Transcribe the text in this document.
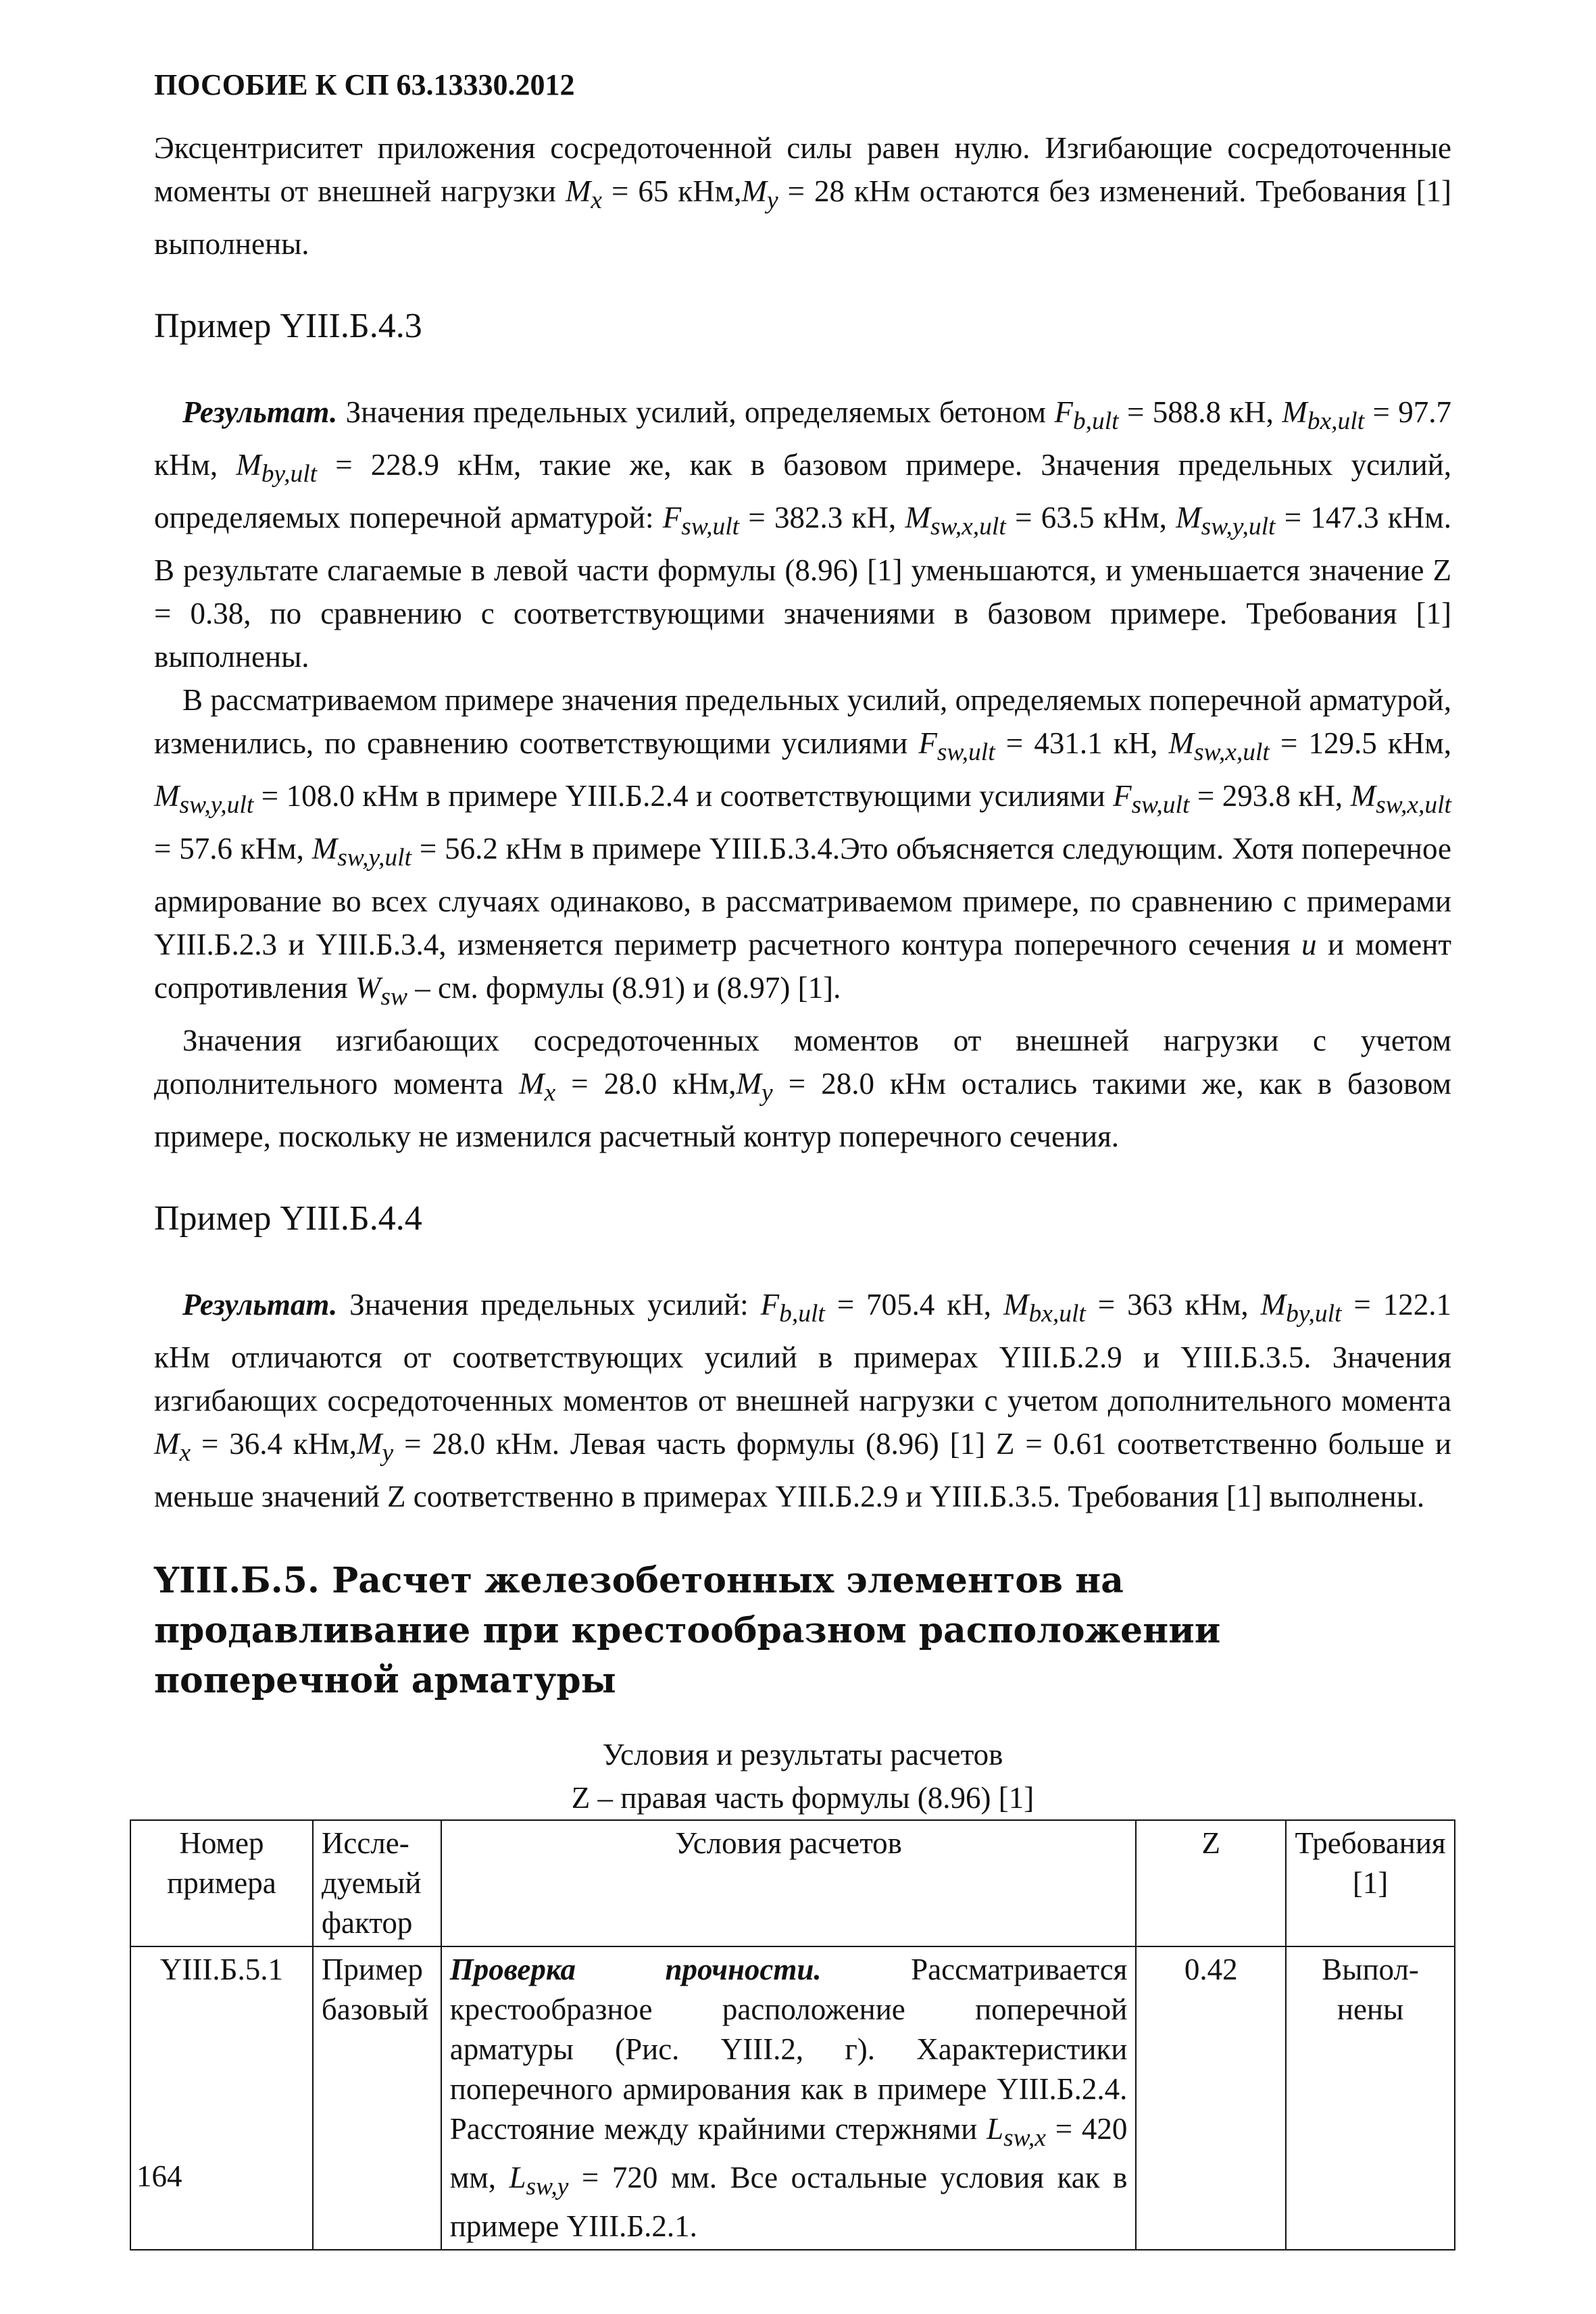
ПОСОБИЕ К СП 63.13330.2012

Эксцентриситет приложения сосредоточенной силы равен нулю. Изгибающие сосредоточенные моменты от внешней нагрузки $M_x = 65$ $кНм,M_y = 28$ кНм остаются без изменений. Требования [1] выполнены.

Пример YIII.Б.4.3

Результат. Значения предельных усилий, определяемых бетоном $F_{b,ult} = 588.8$ кН, $M_{bx,ult} = 97.7$ кНм, $M_{by,ult} = 228.9$ кНм, такие же, как в базовом примере. Значения предельных усилий, определяемых поперечной арматурой: $F_{sw,ult} = 382.3$ кН, $M_{sw,x,ult} = 63.5$ кНм, $M_{sw,y,ult} = 147.3$ кНм. В результате слагаемые в левой части формулы (8.96) [1] уменьшаются, и уменьшается значение Z = 0.38, по сравнению с соответствующими значениями в базовом примере. Требования [1] выполнены.

В рассматриваемом примере значения предельных усилий, определяемых поперечной арматурой, изменились, по сравнению соответствующими усилиями $F_{sw,ult} = 431.1$ кН, $M_{sw,x,ult} = 129.5$ кНм, $M_{sw,y,ult} = 108.0$ кНм в примере YIII.Б.2.4 и соответствующими усилиями $F_{sw,ult} = 293.8$ кН, $M_{sw,x,ult} = 57.6$ кНм, $M_{sw,y,ult} = 56.2$ кНм в примере YIII.Б.3.4.Это объясняется следующим. Хотя поперечное армирование во всех случаях одинаково, в рассматриваемом примере, по сравнению с примерами YIII.Б.2.3 и YIII.Б.3.4, изменяется периметр расчетного контура поперечного сечения u и момент сопротивления $W_{sw}$ – см. формулы (8.91) и (8.97) [1].

Значения изгибающих сосредоточенных моментов от внешней нагрузки с учетом дополнительного момента $M_x = 28.0$ $кНм,M_y = 28.0$ кНм остались такими же, как в базовом примере, поскольку не изменился расчетный контур поперечного сечения.

Пример YIII.Б.4.4

Результат. Значения предельных усилий: $F_{b,ult} = 705.4$ кН, $M_{bx,ult} = 363$ кНм, $M_{by,ult} = 122.1$ кНм отличаются от соответствующих усилий в примерах YIII.Б.2.9 и YIII.Б.3.5. Значения изгибающих сосредоточенных моментов от внешней нагрузки с учетом дополнительного момента $M_x = 36.4$ $кНм,M_y = 28.0$ кНм. Левая часть формулы (8.96) [1] Z = 0.61 соответственно больше и меньше значений Z соответственно в примерах YIII.Б.2.9 и YIII.Б.3.5. Требования [1] выполнены.

YIII.Б.5. Расчет железобетонных элементов на продавливание при крестообразном расположении поперечной арматуры
Условия и результаты расчетов
Z – правая часть формулы (8.96) [1]
Номер примера	Исследуемый фактор	Условия расчетов	Z	Требования [1]
YIII.Б.5.1	Пример базовый	Проверка прочности. Рассматривается крестообразное расположение поперечной арматуры (Рис. YIII.2, г). Характеристики поперечного армирования как в примере YIII.Б.2.4. Расстояние между крайними стержнями $L_{sw,x} = 420$ мм, $L_{sw,y} = 720$ мм. Все остальные условия как в примере YIII.Б.2.1.	0.42	Выполнены
164
